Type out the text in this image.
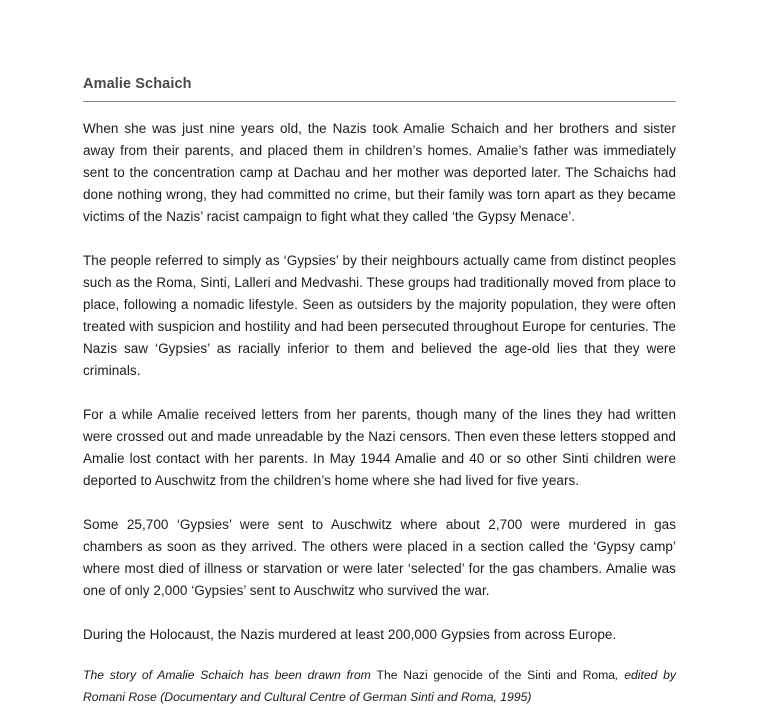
Amalie Schaich

When she was just nine years old, the Nazis took Amalie Schaich and her brothers and sister away from their parents, and placed them in children’s homes. Amalie’s father was immediately sent to the concentration camp at Dachau and her mother was deported later. The Schaichs had done nothing wrong, they had committed no crime, but their family was torn apart as they became victims of the Nazis’ racist campaign to fight what they called ‘the Gypsy Menace’.

The people referred to simply as ‘Gypsies’ by their neighbours actually came from distinct peoples such as the Roma, Sinti, Lalleri and Medvashi. These groups had traditionally moved from place to place, following a nomadic lifestyle. Seen as outsiders by the majority population, they were often treated with suspicion and hostility and had been persecuted throughout Europe for centuries. The Nazis saw ‘Gypsies’ as racially inferior to them and believed the age-old lies that they were criminals.

For a while Amalie received letters from her parents, though many of the lines they had written were crossed out and made unreadable by the Nazi censors. Then even these letters stopped and Amalie lost contact with her parents. In May 1944 Amalie and 40 or so other Sinti children were deported to Auschwitz from the children’s home where she had lived for five years.

Some 25,700 ‘Gypsies’ were sent to Auschwitz where about 2,700 were murdered in gas chambers as soon as they arrived. The others were placed in a section called the ‘Gypsy camp’ where most died of illness or starvation or were later ‘selected’ for the gas chambers. Amalie was one of only 2,000 ‘Gypsies’ sent to Auschwitz who survived the war.

During the Holocaust, the Nazis murdered at least 200,000 Gypsies from across Europe.

The story of Amalie Schaich has been drawn from The Nazi genocide of the Sinti and Roma, edited by Romani Rose (Documentary and Cultural Centre of German Sinti and Roma, 1995)
